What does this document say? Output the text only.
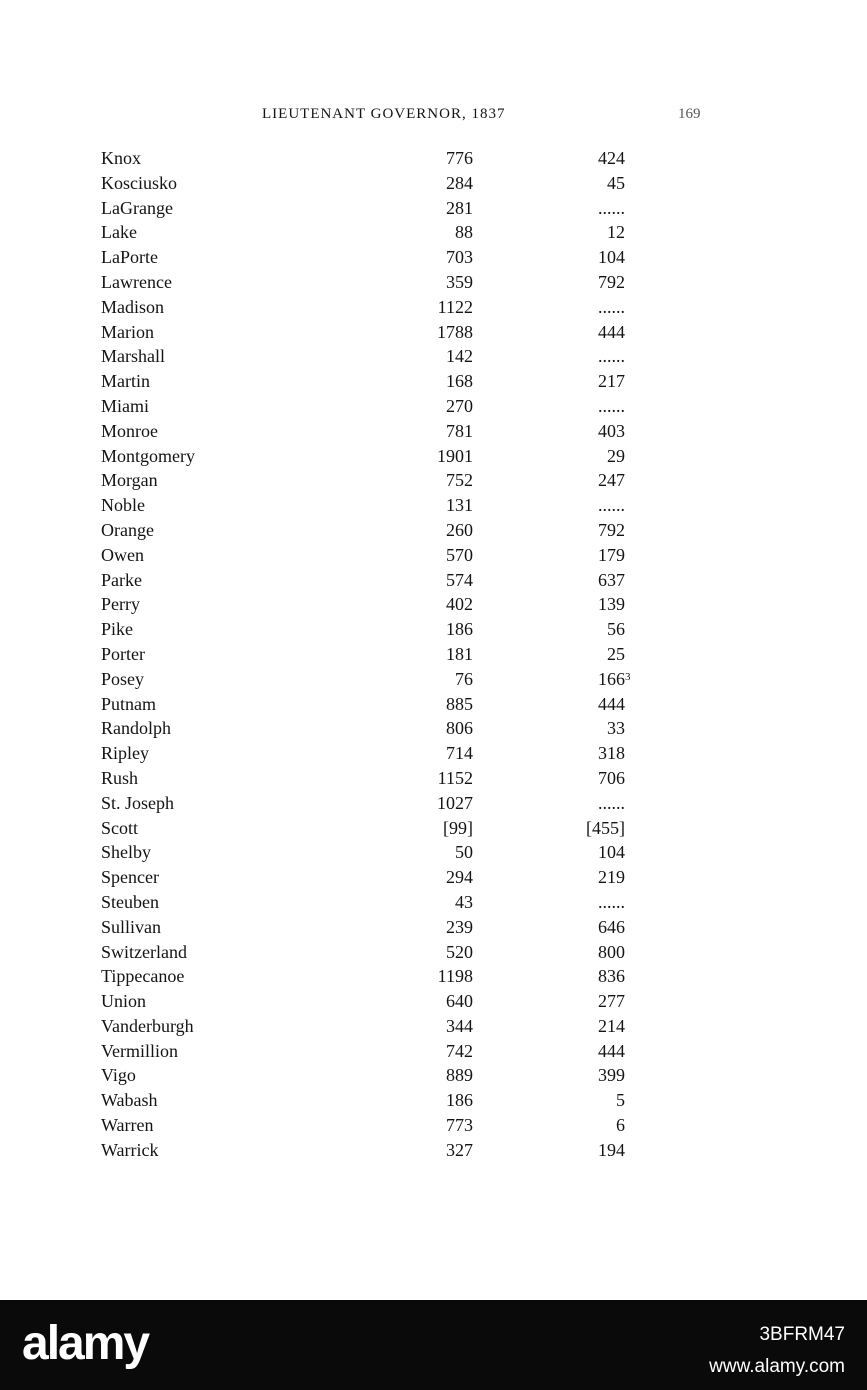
LIEUTENANT GOVERNOR, 1837	169
Knox	776	424
Kosciusko	284	45
LaGrange	281	......
Lake	88	12
LaPorte	703	104
Lawrence	359	792
Madison	1122	......
Marion	1788	444
Marshall	142	......
Martin	168	217
Miami	270	......
Monroe	781	403
Montgomery	1901	29
Morgan	752	247
Noble	131	......
Orange	260	792
Owen	570	179
Parke	574	637
Perry	402	139
Pike	186	56
Porter	181	25
Posey	76	166 3
Putnam	885	444
Randolph	806	33
Ripley	714	318
Rush	1152	706
St. Joseph	1027	......
Scott	[99]	[455]
Shelby	50	104
Spencer	294	219
Steuben	43	......
Sullivan	239	646
Switzerland	520	800
Tippecanoe	1198	836
Union	640	277
Vanderburgh	344	214
Vermillion	742	444
Vigo	889	399
Wabash	186	5
Warren	773	6
Warrick	327	194
alamy	3BFRM47
www.alamy.com
